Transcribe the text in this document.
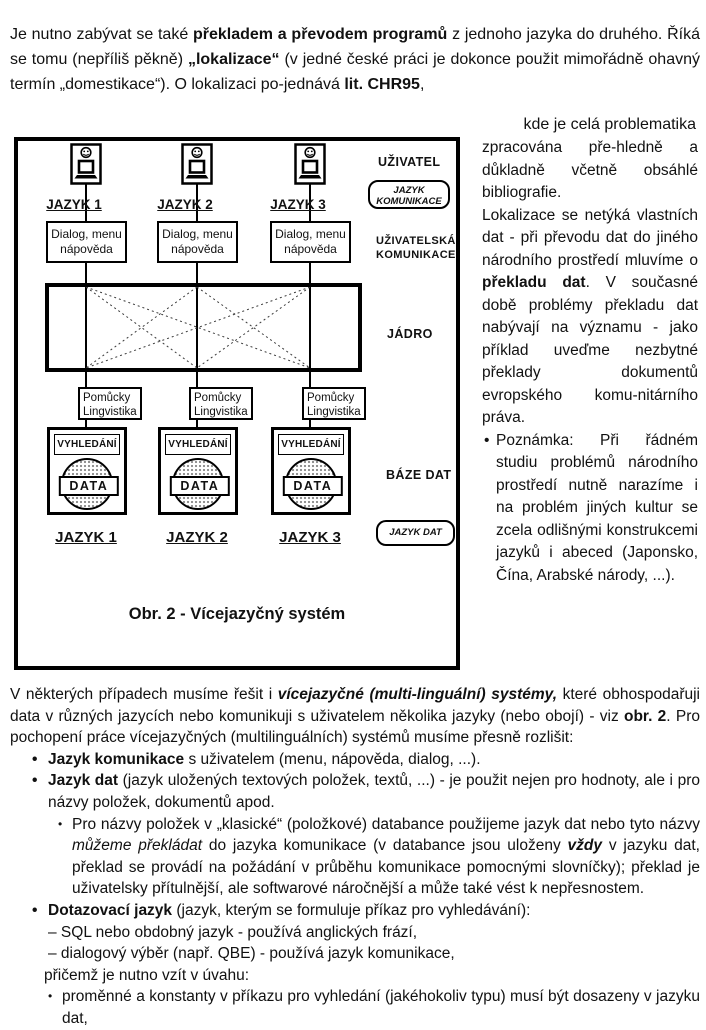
Je nutno zabývat se také překladem a převodem programů z jednoho jazyka do druhého. Říká se tomu (nepříliš pěkně) „lokalizace“ (v jedné české práci je dokonce použit mimořádně ohavný termín „domestikace“). O lokalizaci po-jednává lit. CHR95,

kde je celá problematika
JAZYK 1
Dialog, menu
nápověda
Pomůcky
Lingvistika
VYHLEDÁNÍ
DATA
JAZYK 1
JAZYK 2
Dialog, menu
nápověda
Pomůcky
Lingvistika
VYHLEDÁNÍ
DATA
JAZYK 2
JAZYK 3
Dialog, menu
nápověda
Pomůcky
Lingvistika
VYHLEDÁNÍ
DATA
JAZYK 3
UŽIVATEL
JAZYK
KOMUNIKACE
UŽIVATELSKÁ
KOMUNIKACE
JÁDRO
BÁZE DAT
JAZYK DAT
Obr. 2 - Vícejazyčný systém

zpracována pře-hledně a důkladně včetně obsáhlé bibliografie.

Lokalizace se netýká vlastních dat - při převodu dat do jiného národního prostředí mluvíme o překladu dat. V současné době problémy překladu dat nabývají na významu - jako příklad uveďme nezbytné překlady dokumentů evropského komu-nitárního práva.

• Poznámka: Při řádném studiu problémů národního prostředí nutně narazíme i na problém jiných kultur se zcela odlišnými konstrukcemi jazyků i abeced (Japonsko, Čína, Arabské národy, ...).

V některých případech musíme řešit i vícejazyčné (multi-linguální) systémy, které obhospodařuji data v různých jazycích nebo komunikuji s uživatelem několika jazyky (nebo obojí) - viz obr. 2. Pro pochopení práce vícejazyčných (multilinguálních) systémů musíme přesně rozlišit:

• Jazyk komunikace s uživatelem (menu, nápověda, dialog, ...).
• Jazyk dat (jazyk uložených textových položek, textů, ...) - je použit nejen pro hodnoty, ale i pro názvy položek, dokumentů apod.
• Pro názvy položek v „klasické“ (položkové) databance použijeme jazyk dat nebo tyto názvy můžeme překládat do jazyka komunikace (v databance jsou uloženy vždy v jazyku dat, překlad se provádí na požádání v průběhu komunikace pomocnými slovníčky); překlad je uživatelsky přítulnější, ale softwarové náročnější a může také vést k nepřesnostem.
• Dotazovací jazyk (jazyk, kterým se formuluje příkaz pro vyhledávání):
– SQL nebo obdobný jazyk - používá anglických frází,
– dialogový výběr (např. QBE) - používá jazyk komunikace,
přičemž je nutno vzít v úvahu:
• proměnné a konstanty v příkazu pro vyhledání (jakéhokoliv typu) musí být dosazeny v jazyku dat,
